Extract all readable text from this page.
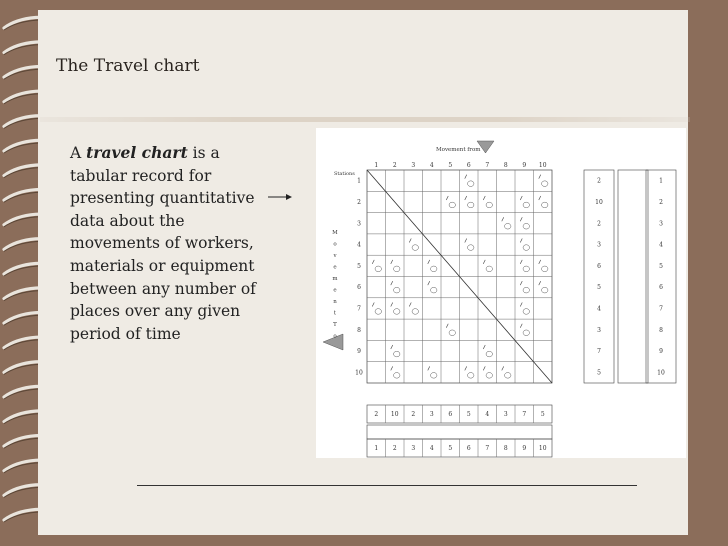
The Travel chart
A travel chart is a tabular record for presenting quantitative data about the movements of workers, materials or equipment between any number of places over any given period of time
Movement from
Stations
1 2 3 4 5 6 7 8 9 10
1
2
3
4
5
6
7
8
9
10
M
o
v
e
m
e
n
t
T
o
2
10
2
3
6
5
4
3
7
5
1
2
3
4
5
6
7
8
9
10
2 10 2 3 6 5 4 3 7 5
1 2 3 4 5 6 7 8 9 10
